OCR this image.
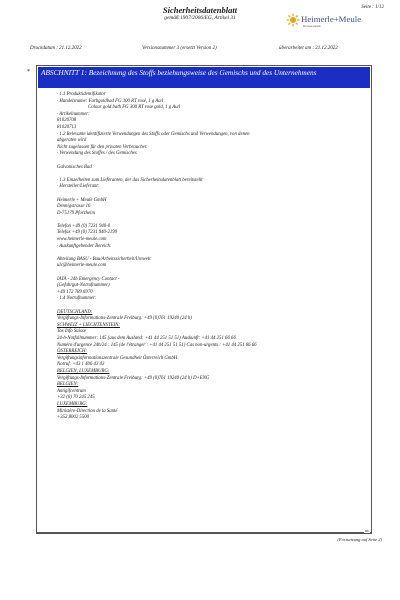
Sicherheitsdatenblatt
gemäß 1907/2006/EG, Artikel 31
Seite : 1/12
Heimerle+Meule
Precious metals
Druckdatum : 21.12.2022	Versionsnummer 3 (ersetzt Version 2)	überarbeitet am : 21.12.2022
*	ABSCHNITT 1: Bezeichnung des Stoffs beziehungsweise des Gemischs und des Unternehmens
· 1.1 Produktidentifikator
· Handelsname: Farbgoldbad FG 300 RT rosé, 1 g Au/l
Colour gold bath FG 300 RT rose gold, 1 g Au/l
· Artikelnummer:
81020708
81020713
· 1.2 Relevante identifizierte Verwendungen des Stoffs oder Gemischs und Verwendungen, von denen
abgeraten wird
Nicht zugelassen für den privaten Verbraucher.
· Verwendung des Stoffes / des Gemisches
Galvanisches Bad
· 1.3 Einzelheiten zum Lieferanten, der das Sicherheitsdatenblatt bereitstellt
· Hersteller/Lieferant:
Heimerle + Meule GmbH
Dennigstrasse 16
D-75179 Pforzheim
Telefon +49 (0) 7231 940-0
Telefax +49 (0) 7231 940-2199
www.heimerle-meule.com
· Auskunftgebender Bereich:
Abteilung BASU - Bau/Arbeitssicherheit/Umwelt
ulc@heimerle-meule.com
IATA - 24h Emergency Contact -
(Gefahrgut-Notrufnummer)
+49 172 789 6970
· 1.4 Notrufnummer:
DEUTSCHLAND:
Vergiftungs-Informations-Zentrale Freiburg: +49 (0)761 19240 (24 h)
SCHWEIZ + LIECHTENSTEIN:
Tox Info Suisse
24-h-Notfallnummer: 145 (aus dem Ausland: +41 44 251 51 51) Auskunft: +41 44 251 66 66
Numéro d'urgence 24h/24 : 145 (de l'étranger : +41 44 251 51 51) Cas non-urgents : +41 44 251 66 66
ÖSTERREICH:
Vergiftungsinformationszentrale Gesundheit Österreich GmbH
Notruf: +43 1 406 43 43
BELGIEN, LUXEMBURG:
Vergiftungs-Informations-Zentrale Freiburg: +49 (0)761 19240 (24 h) D+ENG
BELGIEN:
Antigifcentrum
+32 (0) 70 245 245
LUXEMBURG:
Ministère-Direction de la Santé
+352 8002 5500
DE
(Fortsetzung auf Seite 2)
